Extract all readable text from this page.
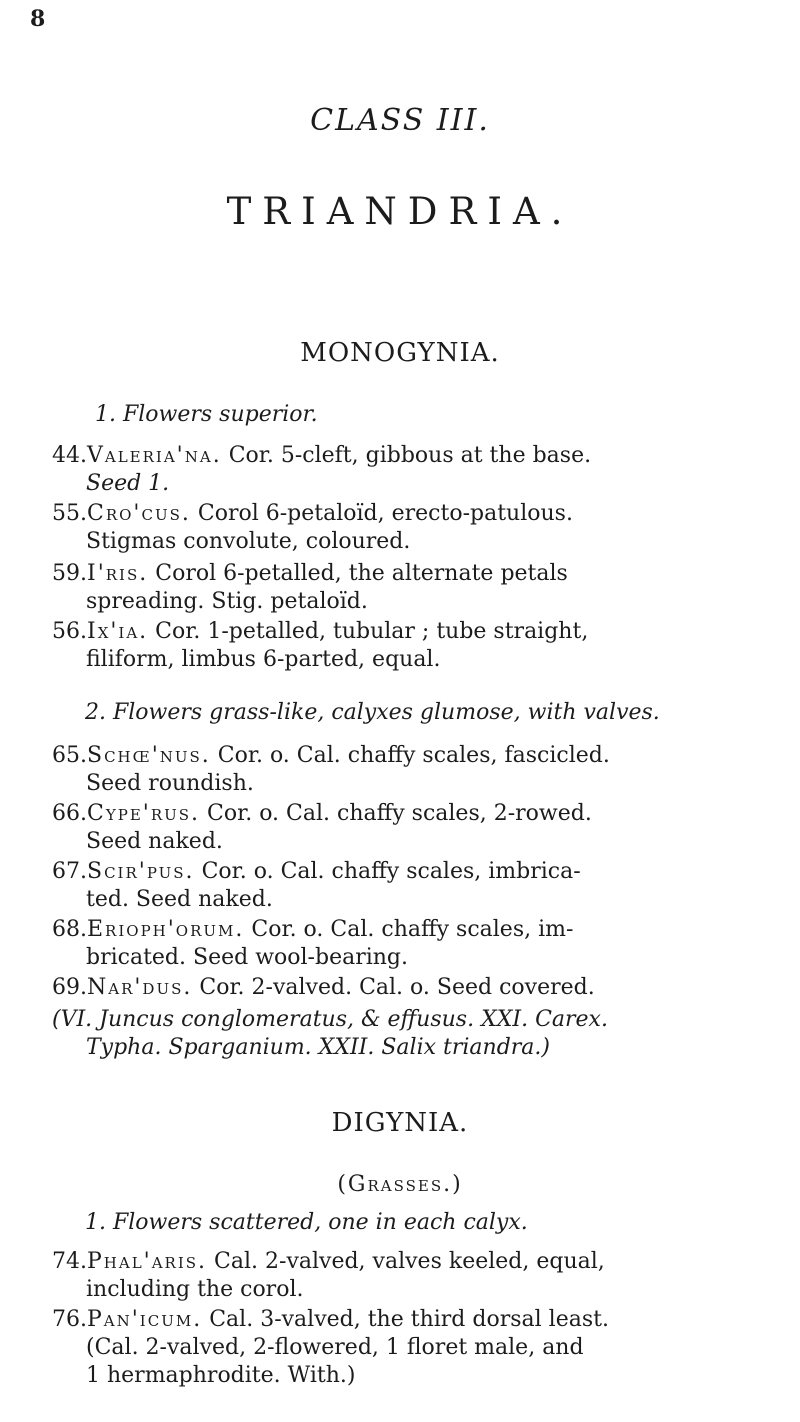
8
CLASS III.
TRIANDRIA.
MONOGYNIA.
1. Flowers superior.
44. Valeria'na. Cor. 5-cleft, gibbous at the base.
Seed 1.
55. Cro'cus. Corol 6-petaloïd, erecto-patulous.
Stigmas convolute, coloured.
59. I'ris. Corol 6-petalled, the alternate petals
spreading. Stig. petaloïd.
56. Ix'ia. Cor. 1-petalled, tubular ; tube straight,
filiform, limbus 6-parted, equal.
2. Flowers grass-like, calyxes glumose, with valves.
65. Schœ'nus. Cor. o. Cal. chaffy scales, fascicled.
Seed roundish.
66. Cype'rus. Cor. o. Cal. chaffy scales, 2-rowed.
Seed naked.
67. Scir'pus. Cor. o. Cal. chaffy scales, imbrica-
ted. Seed naked.
68. Erioph'orum. Cor. o. Cal. chaffy scales, im-
bricated. Seed wool-bearing.
69. Nar'dus. Cor. 2-valved. Cal. o. Seed covered.
(VI. Juncus conglomeratus, & effusus. XXI. Carex.
Typha. Sparganium. XXII. Salix triandra.)
DIGYNIA.
(Grasses.)
1. Flowers scattered, one in each calyx.
74. Phal'aris. Cal. 2-valved, valves keeled, equal,
including the corol.
76. Pan'icum. Cal. 3-valved, the third dorsal least.
(Cal. 2-valved, 2-flowered, 1 floret male, and
1 hermaphrodite. With.)
